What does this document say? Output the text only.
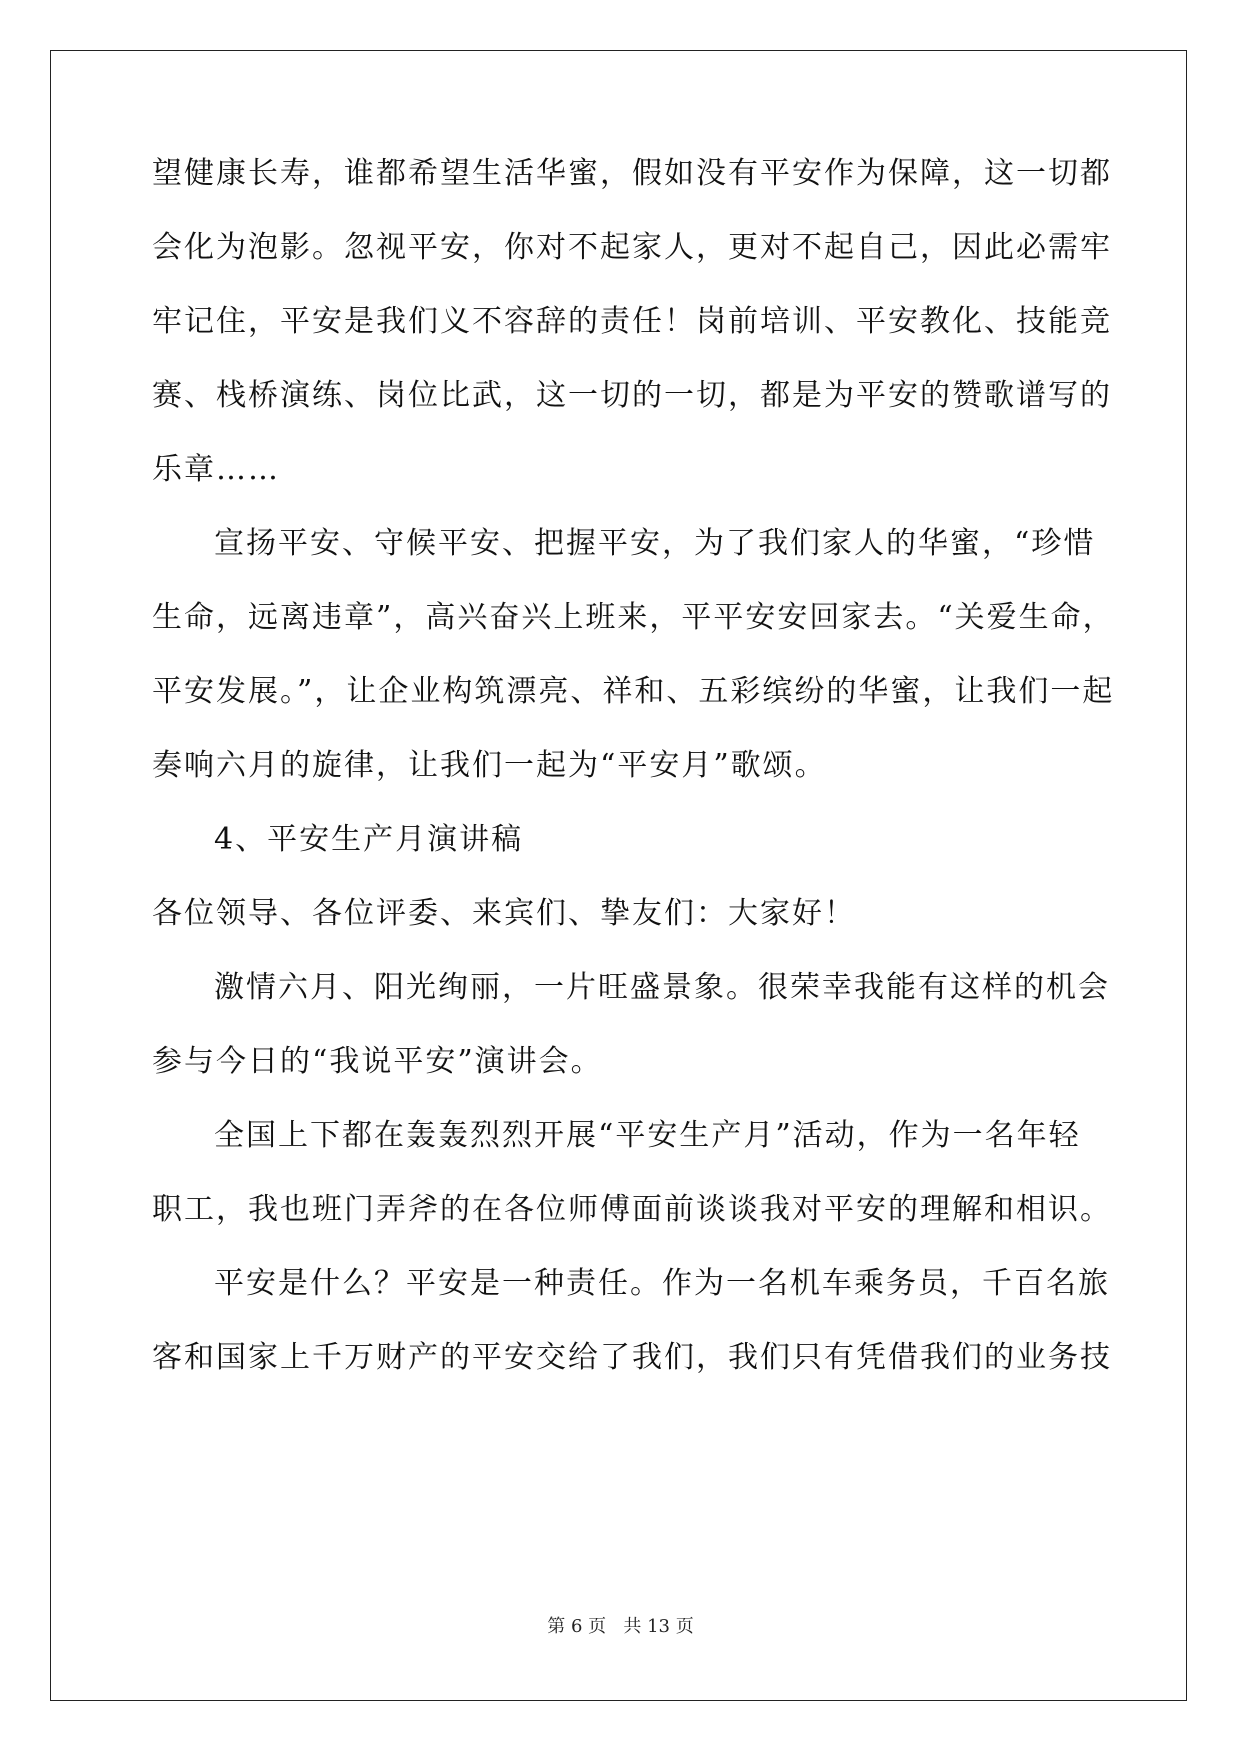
望健康长寿，谁都希望生活华蜜，假如没有平安作为保障，这一切都
会化为泡影。忽视平安，你对不起家人，更对不起自己，因此必需牢
牢记住，平安是我们义不容辞的责任！岗前培训、平安教化、技能竞
赛、栈桥演练、岗位比武，这一切的一切，都是为平安的赞歌谱写的
乐章……
宣扬平安、守候平安、把握平安，为了我们家人的华蜜，“珍惜
生命，远离违章”，高兴奋兴上班来，平平安安回家去。“关爱生命，
平安发展。”，让企业构筑漂亮、祥和、五彩缤纷的华蜜，让我们一起
奏响六月的旋律，让我们一起为“平安月”歌颂。
4、平安生产月演讲稿
各位领导、各位评委、来宾们、挚友们：大家好！
激情六月、阳光绚丽，一片旺盛景象。很荣幸我能有这样的机会
参与今日的“我说平安”演讲会。
全国上下都在轰轰烈烈开展“平安生产月”活动，作为一名年轻
职工，我也班门弄斧的在各位师傅面前谈谈我对平安的理解和相识。
平安是什么？平安是一种责任。作为一名机车乘务员，千百名旅
客和国家上千万财产的平安交给了我们，我们只有凭借我们的业务技
第 6 页 共 13 页
